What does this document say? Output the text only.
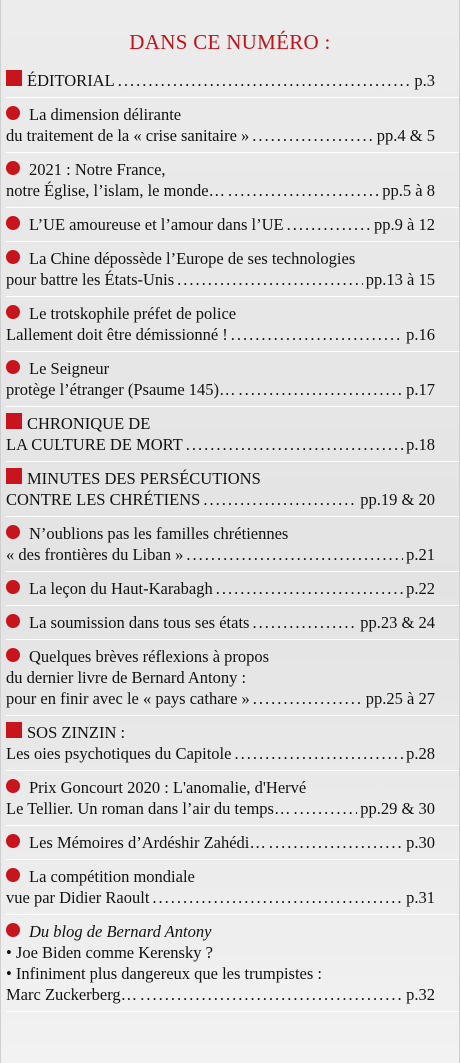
DANS CE NUMÉRO :
ÉDITORIAL .....	p.3
La dimension délirante
du traitement de la « crise sanitaire » .....	pp.4 & 5
2021 : Notre France,
notre Église, l’islam, le monde… .....	pp.5 à 8
L’UE amoureuse et l’amour dans l’UE .....	pp.9 à 12
La Chine dépossède l’Europe de ses technologies
pour battre les États-Unis .....	pp.13 à 15
Le trotskophile préfet de police
Lallement doit être démissionné ! .....	p.16
Le Seigneur
protège l’étranger (Psaume 145)… .....	p.17
CHRONIQUE DE
LA CULTURE DE MORT .....	p.18
MINUTES DES PERSÉCUTIONS
CONTRE LES CHRÉTIENS .....	pp.19 & 20
N’oublions pas les familles chrétiennes
« des frontières du Liban » .....	p.21
La leçon du Haut-Karabagh .....	p.22
La soumission dans tous ses états .....	pp.23 & 24
Quelques brèves réflexions à propos
du dernier livre de Bernard Antony :
pour en finir avec le « pays cathare » .....	pp.25 à 27
SOS ZINZIN :
Les oies psychotiques du Capitole .....	p.28
Prix Goncourt 2020 : L'anomalie, d'Hervé
Le Tellier. Un roman dans l’air du temps… .....	pp.29 & 30
Les Mémoires d’Ardéshir Zahédi… .....	p.30
La compétition mondiale
vue par Didier Raoult .....	p.31
Du blog de Bernard Antony
• Joe Biden comme Kerensky ?
• Infiniment plus dangereux que les trumpistes :
Marc Zuckerberg… .....	p.32
